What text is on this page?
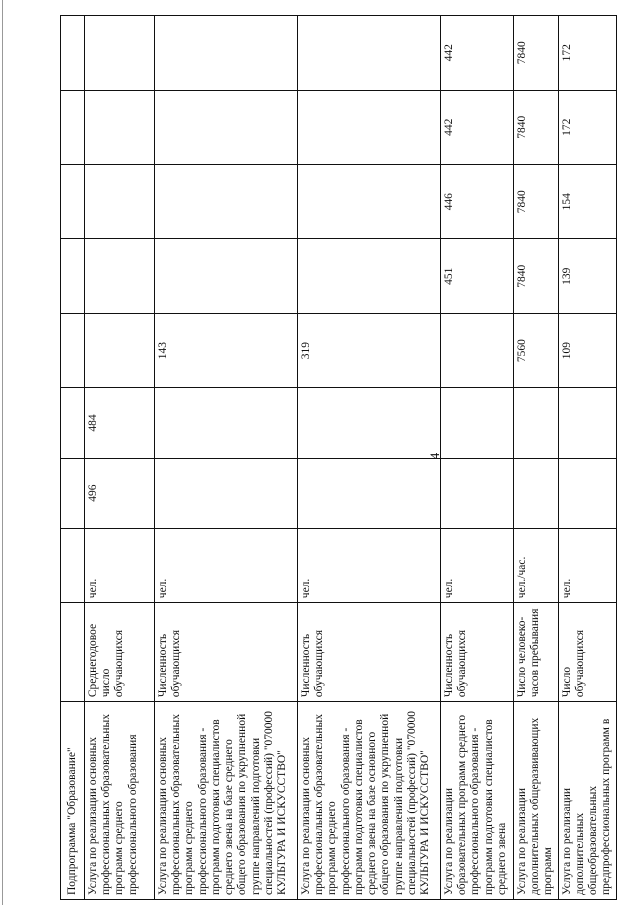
4
Подпрограмма "Образование"									
Услуга по реализации основных профессиональных образовательных программ среднего профессионального образования	Среднегодовое число обучающихся	чел.	496	484					
Услуга по реализации основных профессиональных образовательных программ среднего профессионального образования - программ подготовки специалистов среднего звена на базе среднего общего образования по укрупненной группе направлений подготовки специальностей (профессий) "070000 КУЛЬТУРА И ИСКУССТВО"	Численность обучающихся	чел.			143				
Услуга по реализации основных профессиональных образовательных программ среднего профессионального образования - программ подготовки специалистов среднего звена на базе основного общего образования по укрупненной группе направлений подготовки специальностей (профессий) "070000 КУЛЬТУРА И ИСКУССТВО"	Численность обучающихся	чел.			319				
Услуга по реализации образовательных программ среднего профессионального образования - программ подготовки специалистов среднего звена	Численность обучающихся	чел.				451	446	442	442
Услуга по реализации дополнительных общеразвивающих программ	Число человеко-часов пребывания	чел./час.			7560	7840	7840	7840	7840
Услуга по реализации дополнительных общеобразовательных предпрофессиональных программ в	Число обучающихся	чел.			109	139	154	172	172
